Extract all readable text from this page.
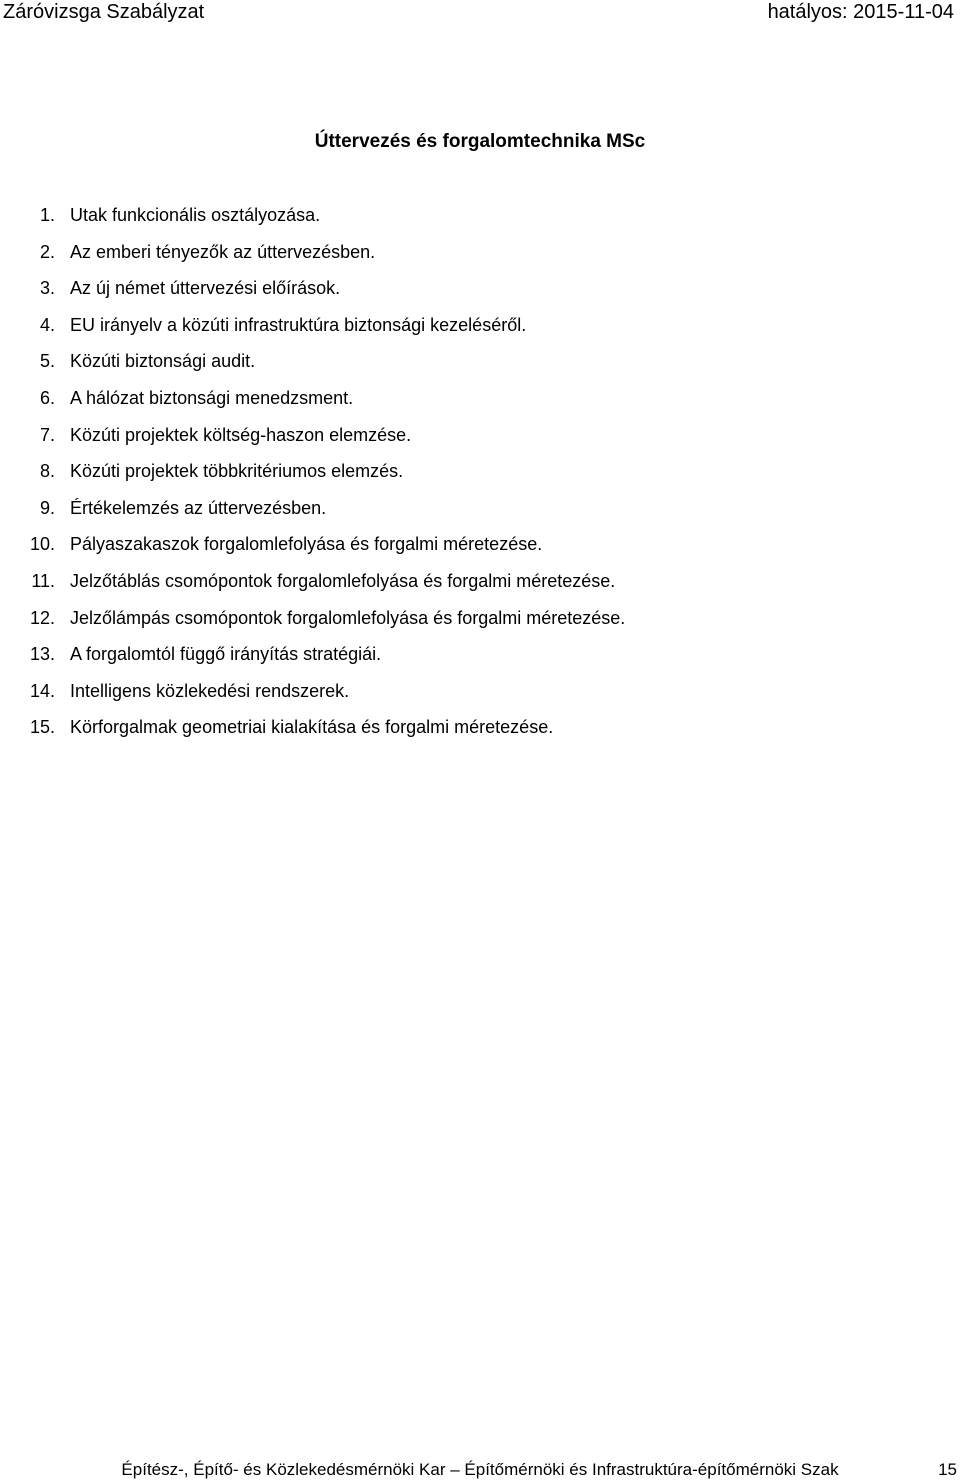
Záróvizsga Szabályzat	hatályos: 2015-11-04
Úttervezés és forgalomtechnika MSc
1. Utak funkcionális osztályozása.
2. Az emberi tényezők az úttervezésben.
3. Az új német úttervezési előírások.
4. EU irányelv a közúti infrastruktúra biztonsági kezeléséről.
5. Közúti biztonsági audit.
6. A hálózat biztonsági menedzsment.
7. Közúti projektek költség-haszon elemzése.
8. Közúti projektek többkritériumos elemzés.
9. Értékelemzés az úttervezésben.
10. Pályaszakaszok forgalomlefolyása és forgalmi méretezése.
11. Jelzőtáblás csomópontok forgalomlefolyása és forgalmi méretezése.
12. Jelzőlámpás csomópontok forgalomlefolyása és forgalmi méretezése.
13. A forgalomtól függő irányítás stratégiái.
14. Intelligens közlekedési rendszerek.
15. Körforgalmak geometriai kialakítása és forgalmi méretezése.
Építész-, Építő- és Közlekedésmérnöki Kar – Építőmérnöki és Infrastruktúra-építőmérnöki Szak	15
